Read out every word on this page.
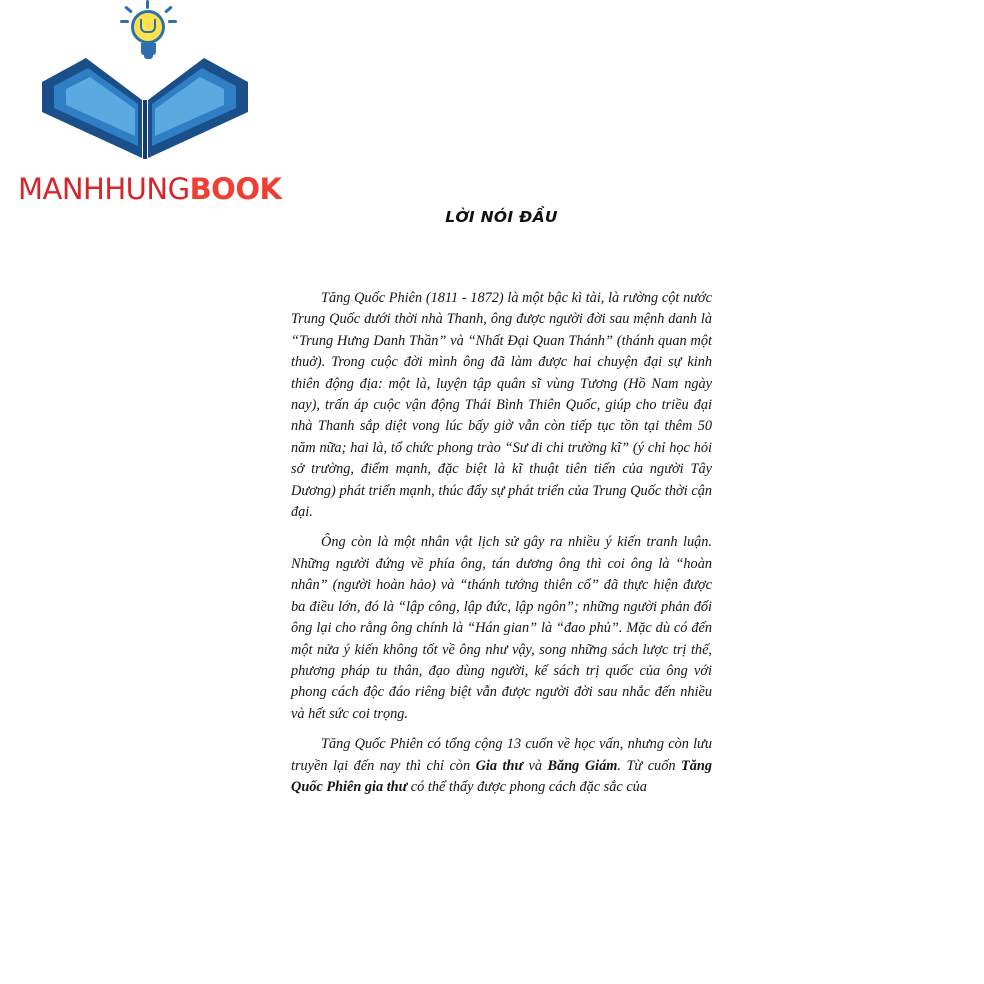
MANHHUNGBOOK
LỜI NÓI ĐẦU

Tăng Quốc Phiên (1811 - 1872) là một bậc kì tài, là rường cột nước Trung Quốc dưới thời nhà Thanh, ông được người đời sau mệnh danh là “Trung Hưng Danh Thần” và “Nhất Đại Quan Thánh” (thánh quan một thuở). Trong cuộc đời mình ông đã làm được hai chuyện đại sự kinh thiên động địa: một là, luyện tập quân sĩ vùng Tương (Hồ Nam ngày nay), trấn áp cuộc vận động Thái Bình Thiên Quốc, giúp cho triều đại nhà Thanh sắp diệt vong lúc bấy giờ vẫn còn tiếp tục tồn tại thêm 50 năm nữa; hai là, tổ chức phong trào “Sư di chi trường kĩ” (ý chỉ học hỏi sở trường, điểm mạnh, đặc biệt là kĩ thuật tiên tiến của người Tây Dương) phát triển mạnh, thúc đẩy sự phát triển của Trung Quốc thời cận đại.

Ông còn là một nhân vật lịch sử gây ra nhiều ý kiến tranh luận. Những người đứng về phía ông, tán dương ông thì coi ông là “hoàn nhân” (người hoàn hảo) và “thánh tướng thiên cổ” đã thực hiện được ba điều lớn, đó là “lập công, lập đức, lập ngôn”; những người phản đối ông lại cho rằng ông chính là “Hán gian” là “đao phủ”. Mặc dù có đến một nửa ý kiến không tốt về ông như vậy, song những sách lược trị thế, phương pháp tu thân, đạo dùng người, kế sách trị quốc của ông với phong cách độc đáo riêng biệt vẫn được người đời sau nhắc đến nhiều và hết sức coi trọng.

Tăng Quốc Phiên có tổng cộng 13 cuốn về học vấn, nhưng còn lưu truyền lại đến nay thì chỉ còn Gia thư và Băng Giám. Từ cuốn Tăng Quốc Phiên gia thư có thể thấy được phong cách đặc sắc của
